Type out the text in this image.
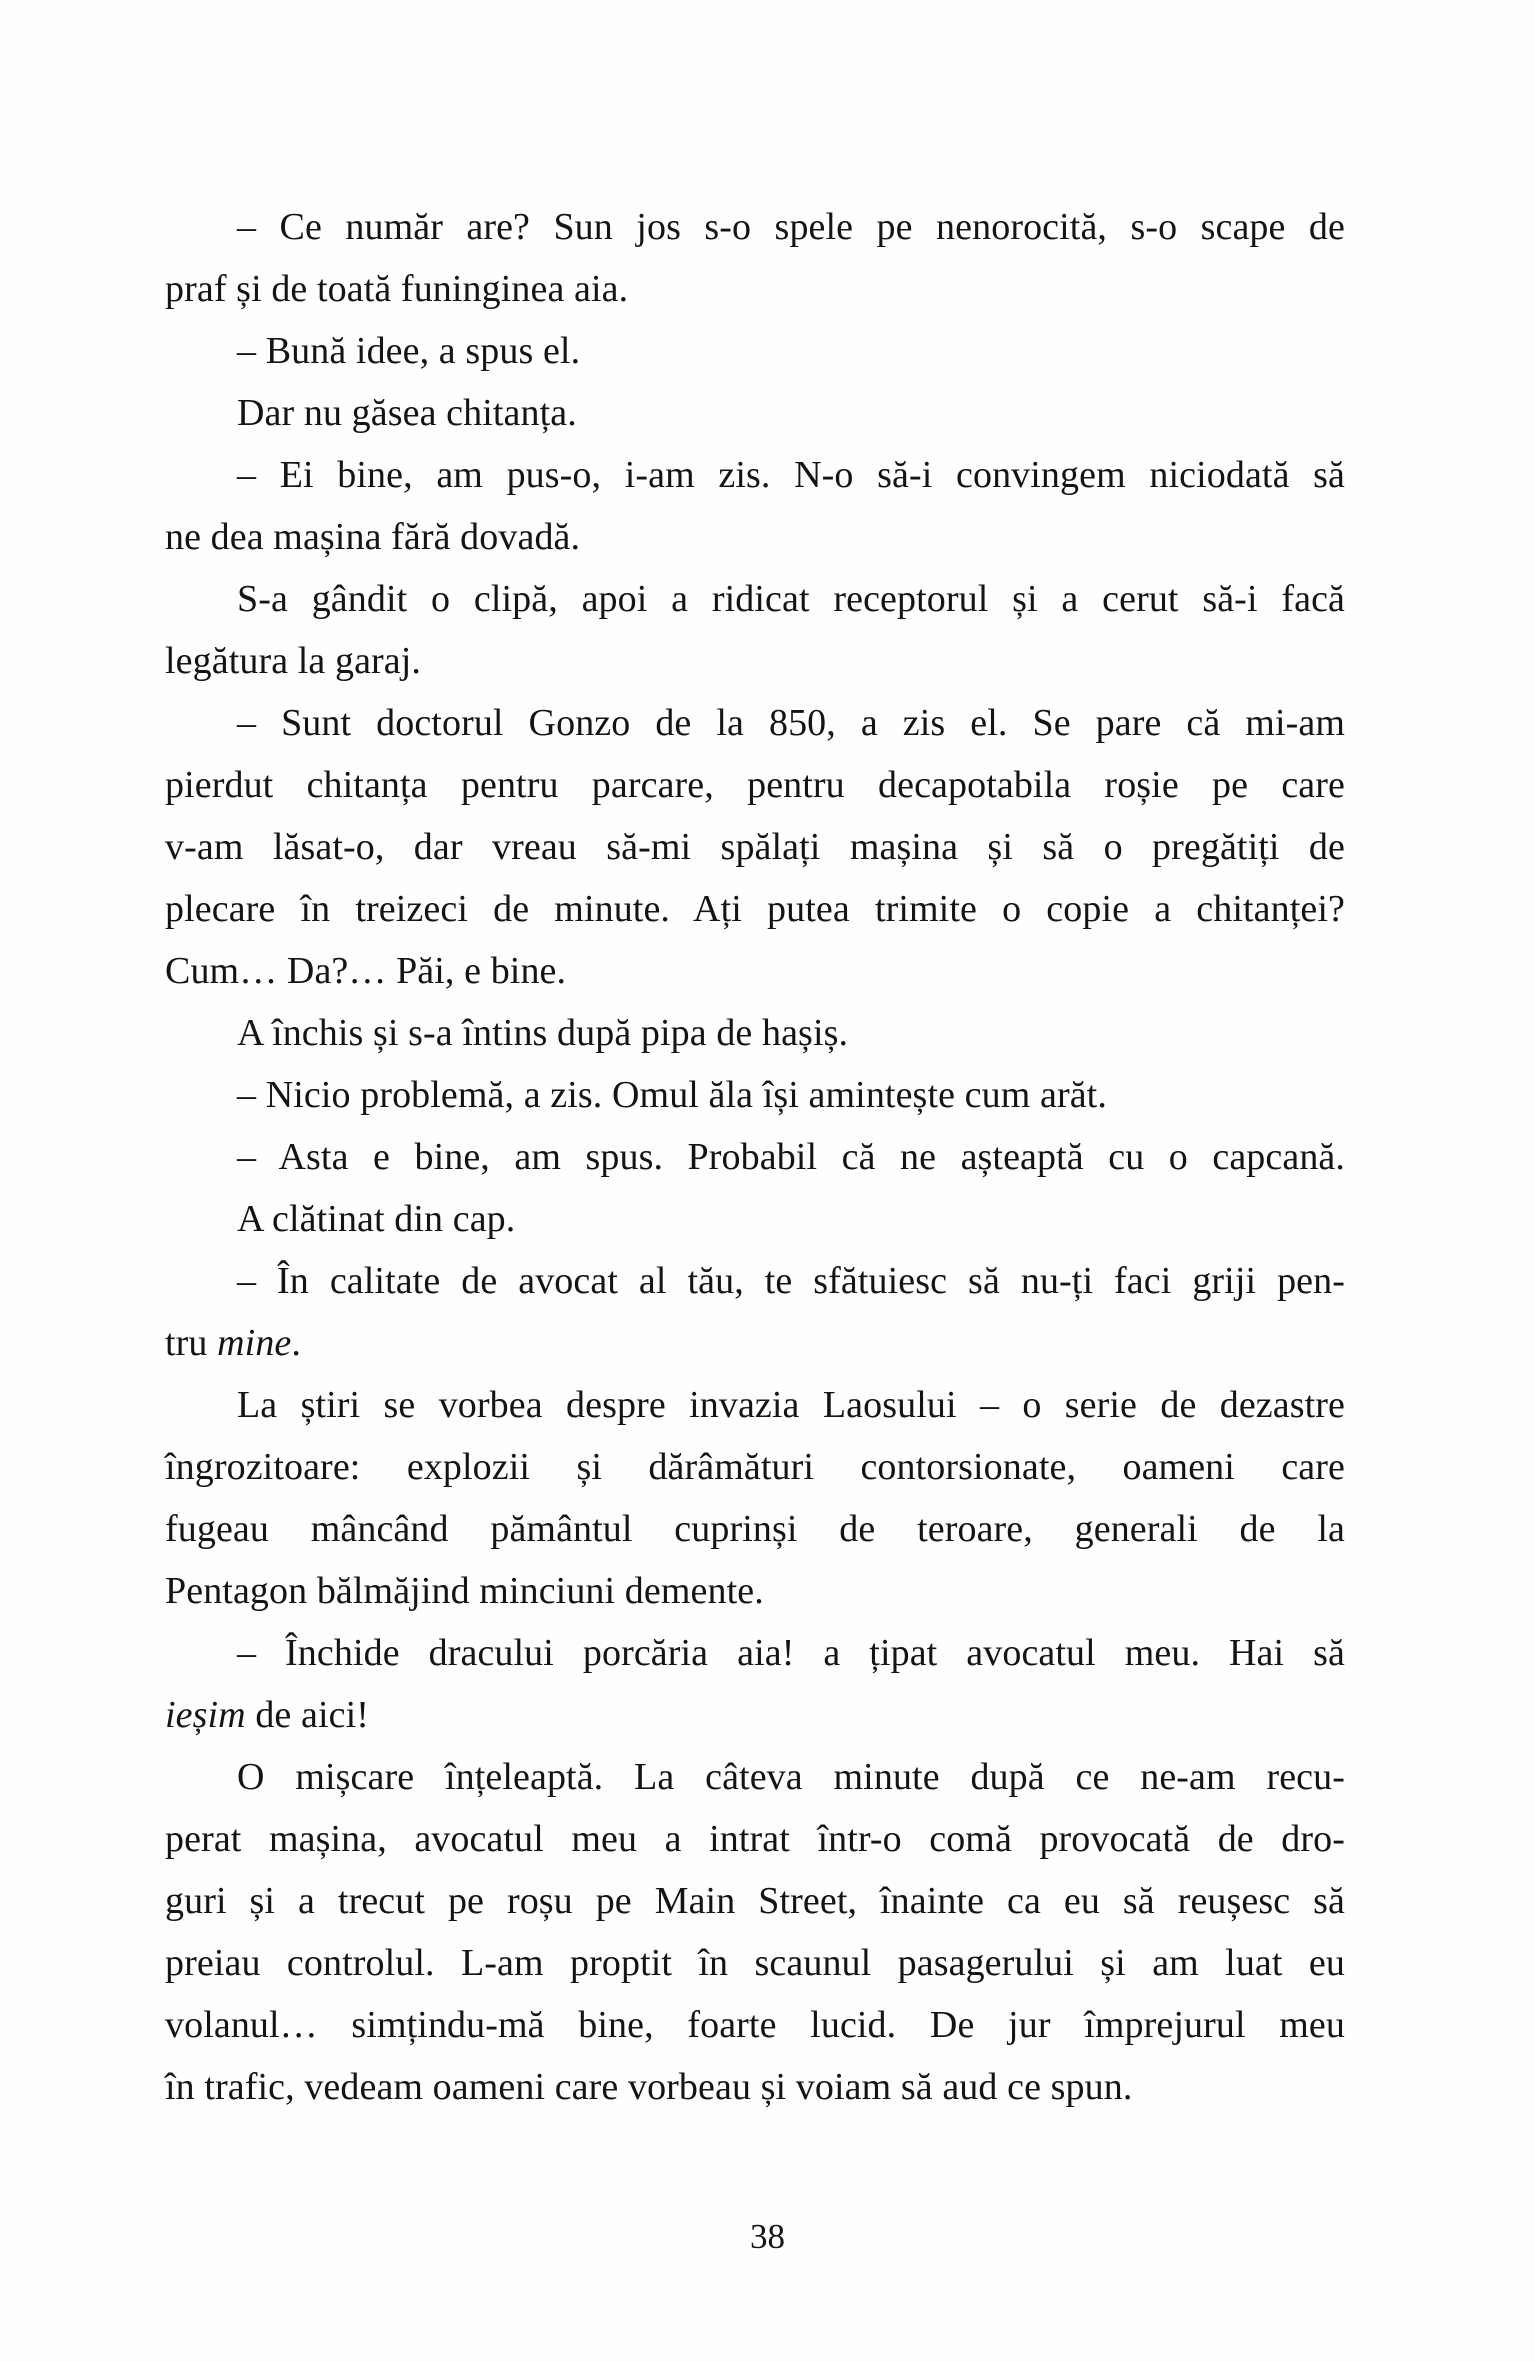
– Ce număr are? Sun jos s-o spele pe nenorocită, s-o scape de
praf și de toată funinginea aia.
– Bună idee, a spus el.
Dar nu găsea chitanța.
– Ei bine, am pus-o, i-am zis. N-o să-i convingem niciodată să
ne dea mașina fără dovadă.
S-a gândit o clipă, apoi a ridicat receptorul și a cerut să-i facă
legătura la garaj.
– Sunt doctorul Gonzo de la 850, a zis el. Se pare că mi-am
pierdut chitanța pentru parcare, pentru decapotabila roșie pe care
v-am lăsat-o, dar vreau să-mi spălați mașina și să o pregătiți de
plecare în treizeci de minute. Ați putea trimite o copie a chitanței?
Cum… Da?… Păi, e bine.
A închis și s-a întins după pipa de hașiș.
– Nicio problemă, a zis. Omul ăla își amintește cum arăt.
– Asta e bine, am spus. Probabil că ne așteaptă cu o capcană.
A clătinat din cap.
– În calitate de avocat al tău, te sfătuiesc să nu-ți faci griji pen-
tru mine.
La știri se vorbea despre invazia Laosului – o serie de dezastre
îngrozitoare: explozii și dărâmături contorsionate, oameni care
fugeau mâncând pământul cuprinși de teroare, generali de la
Pentagon bălmăjind minciuni demente.
– Închide dracului porcăria aia! a țipat avocatul meu. Hai să
ieșim de aici!
O mișcare înțeleaptă. La câteva minute după ce ne-am recu-
perat mașina, avocatul meu a intrat într-o comă provocată de dro-
guri și a trecut pe roșu pe Main Street, înainte ca eu să reușesc să
preiau controlul. L-am proptit în scaunul pasagerului și am luat eu
volanul… simțindu-mă bine, foarte lucid. De jur împrejurul meu
în trafic, vedeam oameni care vorbeau și voiam să aud ce spun.
38
